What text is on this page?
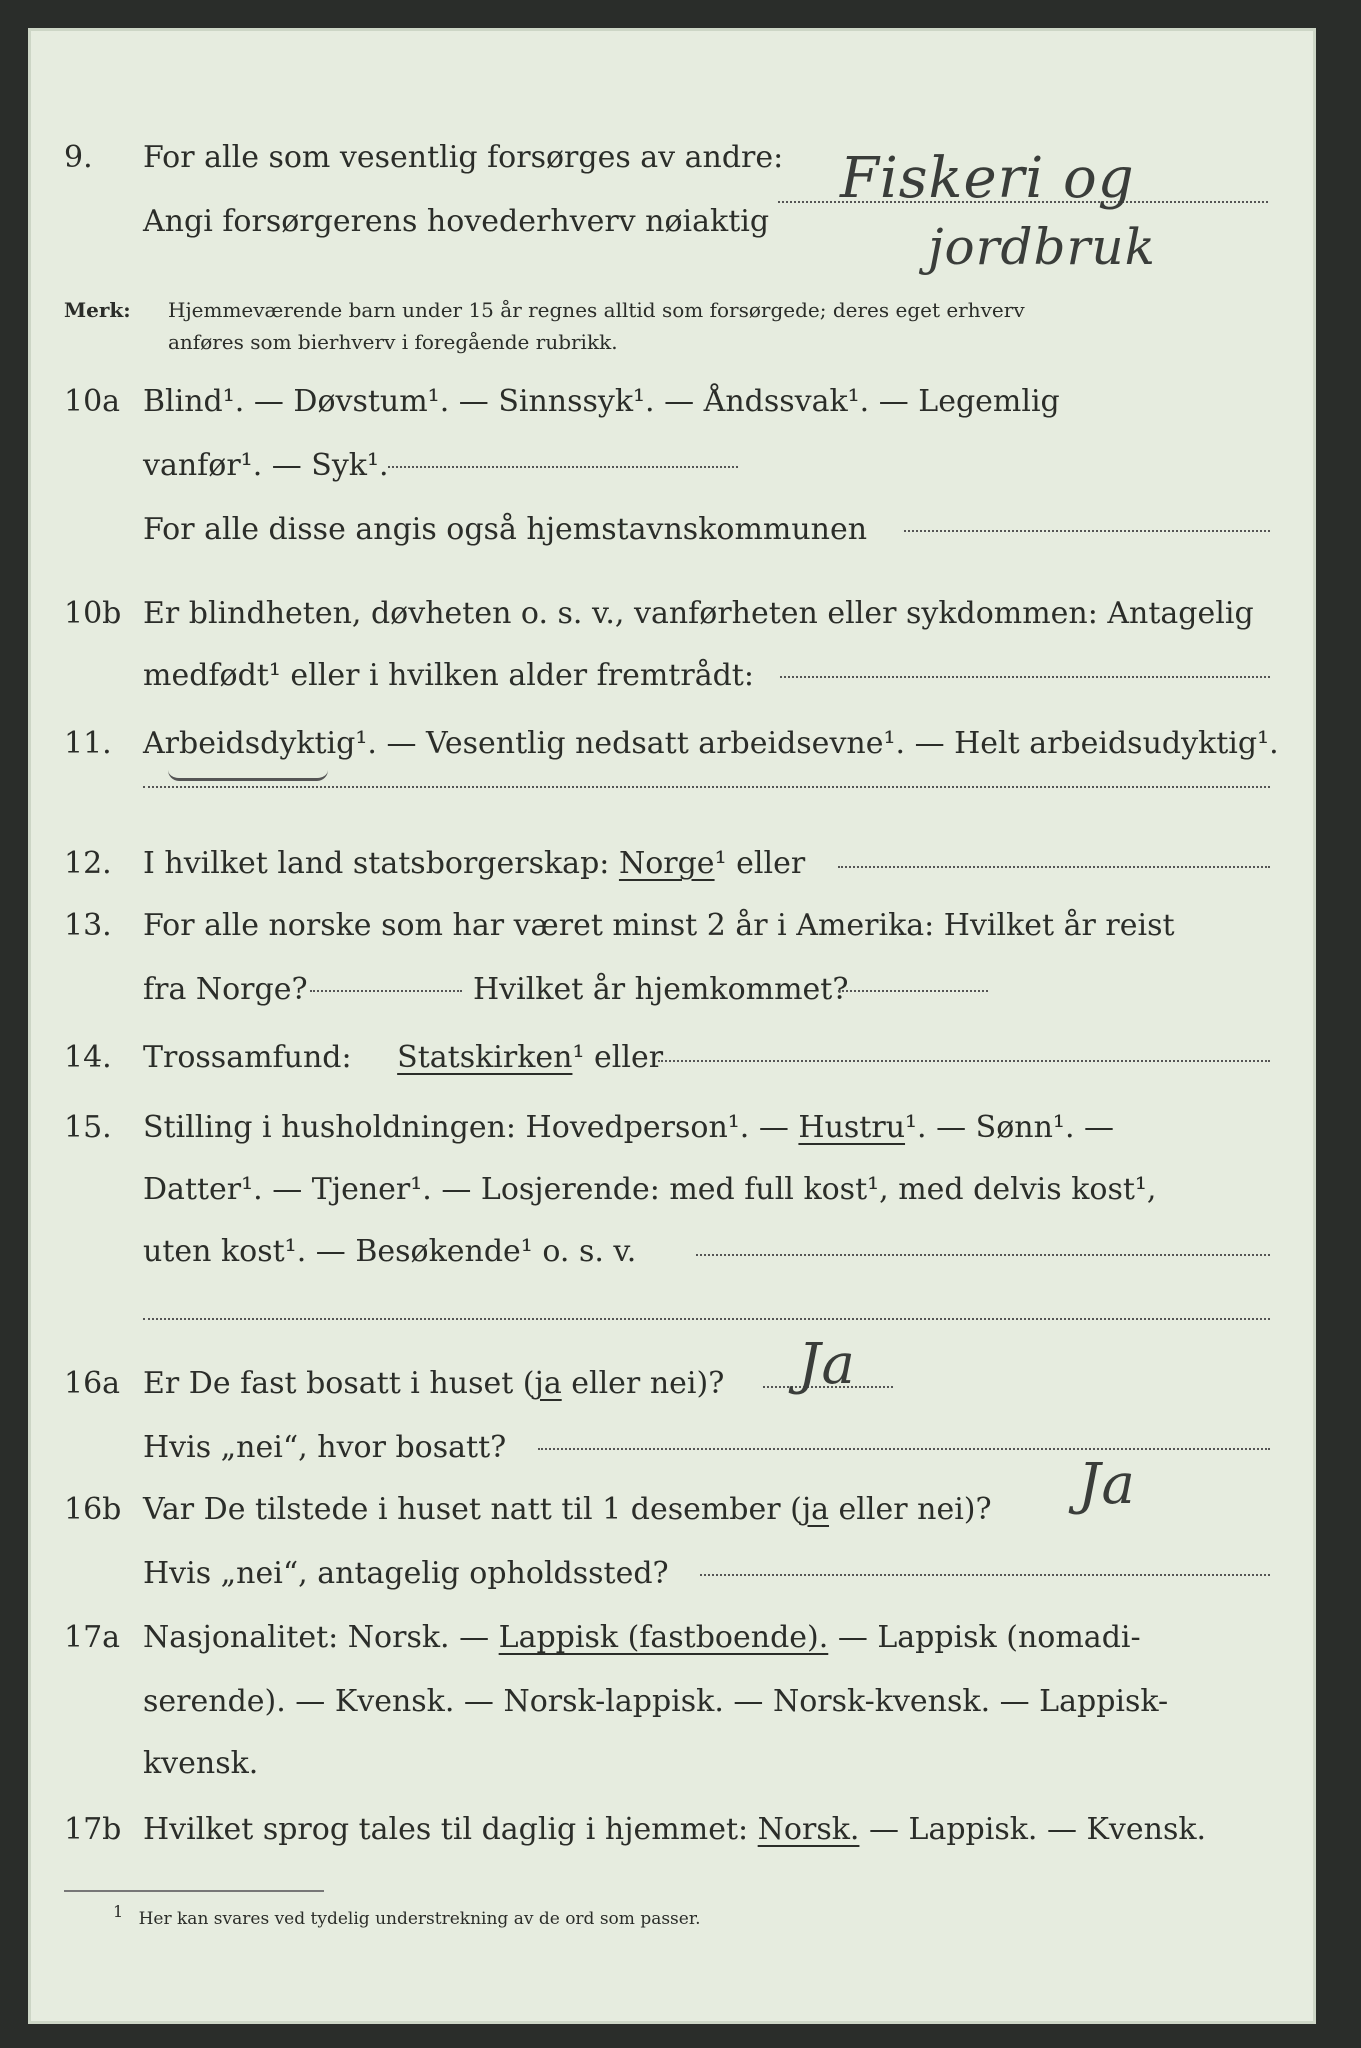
9.	For alle som vesentlig forsørges av andre:
Angi forsørgerens hovederhverv nøiaktig
Fiskeri og
jordbruk
Merk: Hjemmeværende barn under 15 år regnes alltid som forsørgede; deres eget erhverv
anføres som bierhverv i foregående rubrikk.
10a Blind¹. — Døvstum¹. — Sinnssyk¹. — Åndssvak¹. — Legemlig
vanfør¹. — Syk¹.
For alle disse angis også hjemstavnskommunen
10b Er blindheten, døvheten o. s. v., vanførheten eller sykdommen: Antagelig
medfødt¹ eller i hvilken alder fremtrådt:
11.	Arbeidsdyktig¹. — Vesentlig nedsatt arbeidsevne¹. — Helt arbeidsudyktig¹.
12.	I hvilket land statsborgerskap: Norge¹ eller
13.	For alle norske som har været minst 2 år i Amerika: Hvilket år reist
fra Norge?	Hvilket år hjemkommet?
14.	Trossamfund: Statskirken¹ eller
15.	Stilling i husholdningen: Hovedperson¹. — Hustru¹. — Sønn¹. —
Datter¹. — Tjener¹. — Losjerende: med full kost¹, med delvis kost¹,
uten kost¹. — Besøkende¹ o. s. v.
16a Er De fast bosatt i huset (ja eller nei)? Ja
Hvis „nei“, hvor bosatt?
16b Var De tilstede i huset natt til 1 desember (ja eller nei)? Ja
Hvis „nei“, antagelig opholdssted?
17a Nasjonalitet: Norsk. — Lappisk (fastboende). — Lappisk (nomadi-
serende). — Kvensk. — Norsk-lappisk. — Norsk-kvensk. — Lappisk-
kvensk.
17b Hvilket sprog tales til daglig i hjemmet: Norsk. — Lappisk. — Kvensk.
1 Her kan svares ved tydelig understrekning av de ord som passer.
